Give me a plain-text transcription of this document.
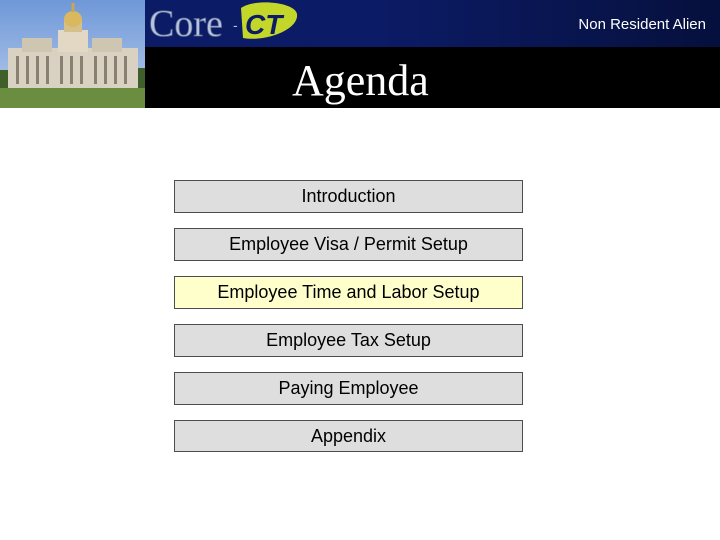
Core - CT	Non Resident Alien
Agenda
Introduction
Employee Visa / Permit Setup
Employee Time and Labor Setup
Employee Tax Setup
Paying Employee
Appendix
